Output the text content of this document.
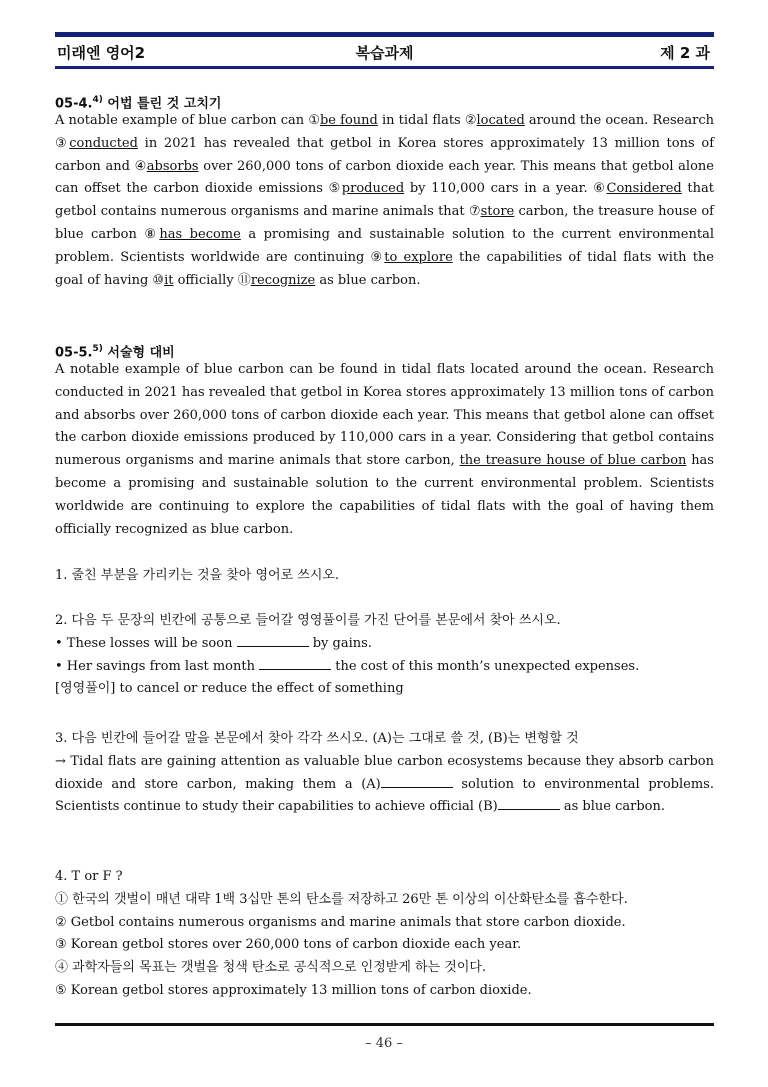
미래엔 영어2	복습과제	제 2 과
05-4.$^{4)}$ 어법 틀린 것 고치기
A notable example of blue carbon can ①be found in tidal flats ②located around the ocean. Research ③conducted in 2021 has revealed that getbol in Korea stores approximately 13 million tons of carbon and ④absorbs over 260,000 tons of carbon dioxide each year. This means that getbol alone can offset the carbon dioxide emissions ⑤produced by 110,000 cars in a year. ⑥Considered that getbol contains numerous organisms and marine animals that ⑦store carbon, the treasure house of blue carbon ⑧has become a promising and sustainable solution to the current environmental problem. Scientists worldwide are continuing ⑨to explore the capabilities of tidal flats with the goal of having ⑩it officially ⑪recognize as blue carbon.
05-5.$^{5)}$ 서술형 대비
A notable example of blue carbon can be found in tidal flats located around the ocean. Research conducted in 2021 has revealed that getbol in Korea stores approximately 13 million tons of carbon and absorbs over 260,000 tons of carbon dioxide each year. This means that getbol alone can offset the carbon dioxide emissions produced by 110,000 cars in a year. Considering that getbol contains numerous organisms and marine animals that store carbon, the treasure house of blue carbon has become a promising and sustainable solution to the current environmental problem. Scientists worldwide are continuing to explore the capabilities of tidal flats with the goal of having them officially recognized as blue carbon.
1. 줄친 부분을 가리키는 것을 찾아 영어로 쓰시오.
2. 다음 두 문장의 빈칸에 공통으로 들어갈 영영풀이를 가진 단어를 본문에서 찾아 쓰시오.
• These losses will be soon	by gains.
• Her savings from last month	the cost of this month’s unexpected expenses.
[영영풀이] to cancel or reduce the effect of something
3. 다음 빈칸에 들어갈 말을 본문에서 찾아 각각 쓰시오. (A)는 그대로 쓸 것, (B)는 변형할 것
→ Tidal flats are gaining attention as valuable blue carbon ecosystems because they absorb carbon dioxide and store carbon, making them a (A)	solution to environmental problems. Scientists continue to study their capabilities to achieve official (B)	as blue carbon.
4. T or F ?
① 한국의 갯벌이 매년 대략 1백 3십만 톤의 탄소를 저장하고 26만 톤 이상의 이산화탄소를 흡수한다.
② Getbol contains numerous organisms and marine animals that store carbon dioxide.
③ Korean getbol stores over 260,000 tons of carbon dioxide each year.
④ 과학자들의 목표는 갯벌을 청색 탄소로 공식적으로 인정받게 하는 것이다.
⑤ Korean getbol stores approximately 13 million tons of carbon dioxide.
– 46 –
